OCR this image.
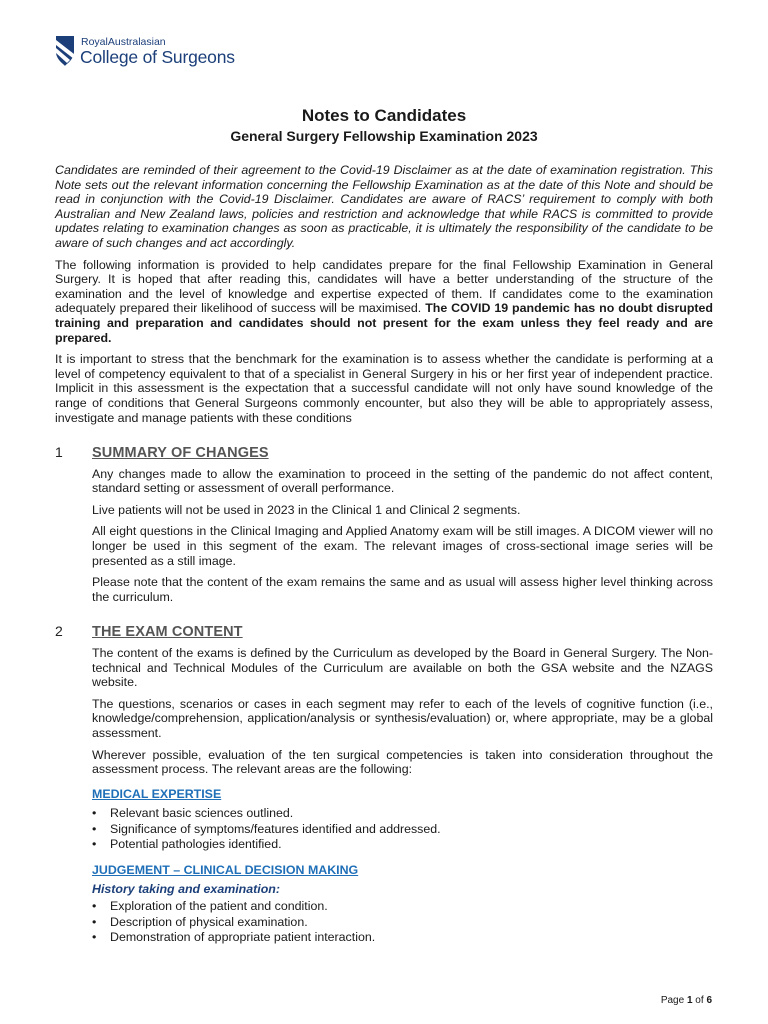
RoyalAustralasian
College of Surgeons
Notes to Candidates
General Surgery Fellowship Examination 2023

Candidates are reminded of their agreement to the Covid-19 Disclaimer as at the date of examination registration. This Note sets out the relevant information concerning the Fellowship Examination as at the date of this Note and should be read in conjunction with the Covid-19 Disclaimer. Candidates are aware of RACS’ requirement to comply with both Australian and New Zealand laws, policies and restriction and acknowledge that while RACS is committed to provide updates relating to examination changes as soon as practicable, it is ultimately the responsibility of the candidate to be aware of such changes and act accordingly.

The following information is provided to help candidates prepare for the final Fellowship Examination in General Surgery. It is hoped that after reading this, candidates will have a better understanding of the structure of the examination and the level of knowledge and expertise expected of them. If candidates come to the examination adequately prepared their likelihood of success will be maximised. The COVID 19 pandemic has no doubt disrupted training and preparation and candidates should not present for the exam unless they feel ready and are prepared.

It is important to stress that the benchmark for the examination is to assess whether the candidate is performing at a level of competency equivalent to that of a specialist in General Surgery in his or her first year of independent practice. Implicit in this assessment is the expectation that a successful candidate will not only have sound knowledge of the range of conditions that General Surgeons commonly encounter, but also they will be able to appropriately assess, investigate and manage patients with these conditions

1	SUMMARY OF CHANGES

Any changes made to allow the examination to proceed in the setting of the pandemic do not affect content, standard setting or assessment of overall performance.

Live patients will not be used in 2023 in the Clinical 1 and Clinical 2 segments.

All eight questions in the Clinical Imaging and Applied Anatomy exam will be still images. A DICOM viewer will no longer be used in this segment of the exam. The relevant images of cross-sectional image series will be presented as a still image.

Please note that the content of the exam remains the same and as usual will assess higher level thinking across the curriculum.

2	THE EXAM CONTENT

The content of the exams is defined by the Curriculum as developed by the Board in General Surgery. The Non-technical and Technical Modules of the Curriculum are available on both the GSA website and the NZAGS website.

The questions, scenarios or cases in each segment may refer to each of the levels of cognitive function (i.e., knowledge/comprehension, application/analysis or synthesis/evaluation) or, where appropriate, may be a global assessment.

Wherever possible, evaluation of the ten surgical competencies is taken into consideration throughout the assessment process. The relevant areas are the following:

MEDICAL EXPERTISE
• Relevant basic sciences outlined.
• Significance of symptoms/features identified and addressed.
• Potential pathologies identified.
JUDGEMENT – CLINICAL DECISION MAKING
History taking and examination:
• Exploration of the patient and condition.
• Description of physical examination.
• Demonstration of appropriate patient interaction.
Page 1 of 6
